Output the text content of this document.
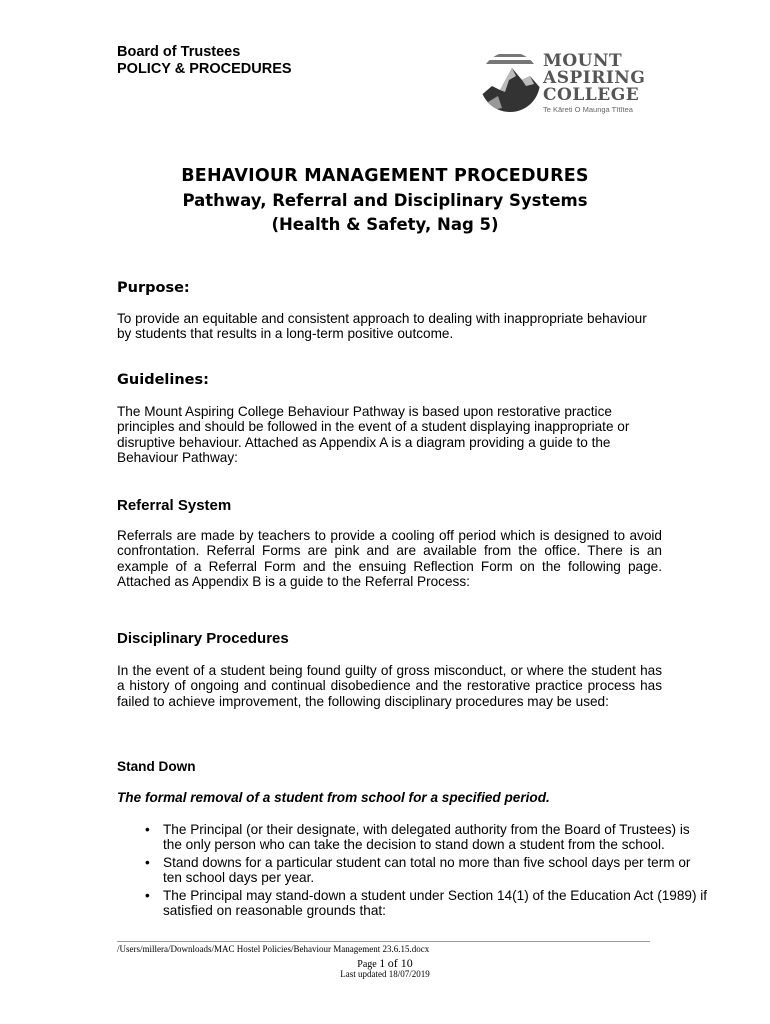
Board of Trustees
POLICY & PROCEDURES	MOUNT
ASPIRING
COLLEGE
Te Kāreti O Maunga Tītītea
BEHAVIOUR MANAGEMENT PROCEDURES
Pathway, Referral and Disciplinary Systems
(Health & Safety, Nag 5)
Purpose:
To provide an equitable and consistent approach to dealing with inappropriate behaviour by students that results in a long-term positive outcome.
Guidelines:
The Mount Aspiring College Behaviour Pathway is based upon restorative practice principles and should be followed in the event of a student displaying inappropriate or disruptive behaviour. Attached as Appendix A is a diagram providing a guide to the Behaviour Pathway:
Referral System
Referrals are made by teachers to provide a cooling off period which is designed to avoid confrontation. Referral Forms are pink and are available from the office. There is an example of a Referral Form and the ensuing Reflection Form on the following page. Attached as Appendix B is a guide to the Referral Process:
Disciplinary Procedures
In the event of a student being found guilty of gross misconduct, or where the student has a history of ongoing and continual disobedience and the restorative practice process has failed to achieve improvement, the following disciplinary procedures may be used:
Stand Down
The formal removal of a student from school for a specified period.
• The Principal (or their designate, with delegated authority from the Board of Trustees) is the only person who can take the decision to stand down a student from the school.
• Stand downs for a particular student can total no more than five school days per term or ten school days per year.
• The Principal may stand-down a student under Section 14(1) of the Education Act (1989) if satisfied on reasonable grounds that:
/Users/millera/Downloads/MAC Hostel Policies/Behaviour Management 23.6.15.docx
Page 1 of 10
Last updated 18/07/2019
